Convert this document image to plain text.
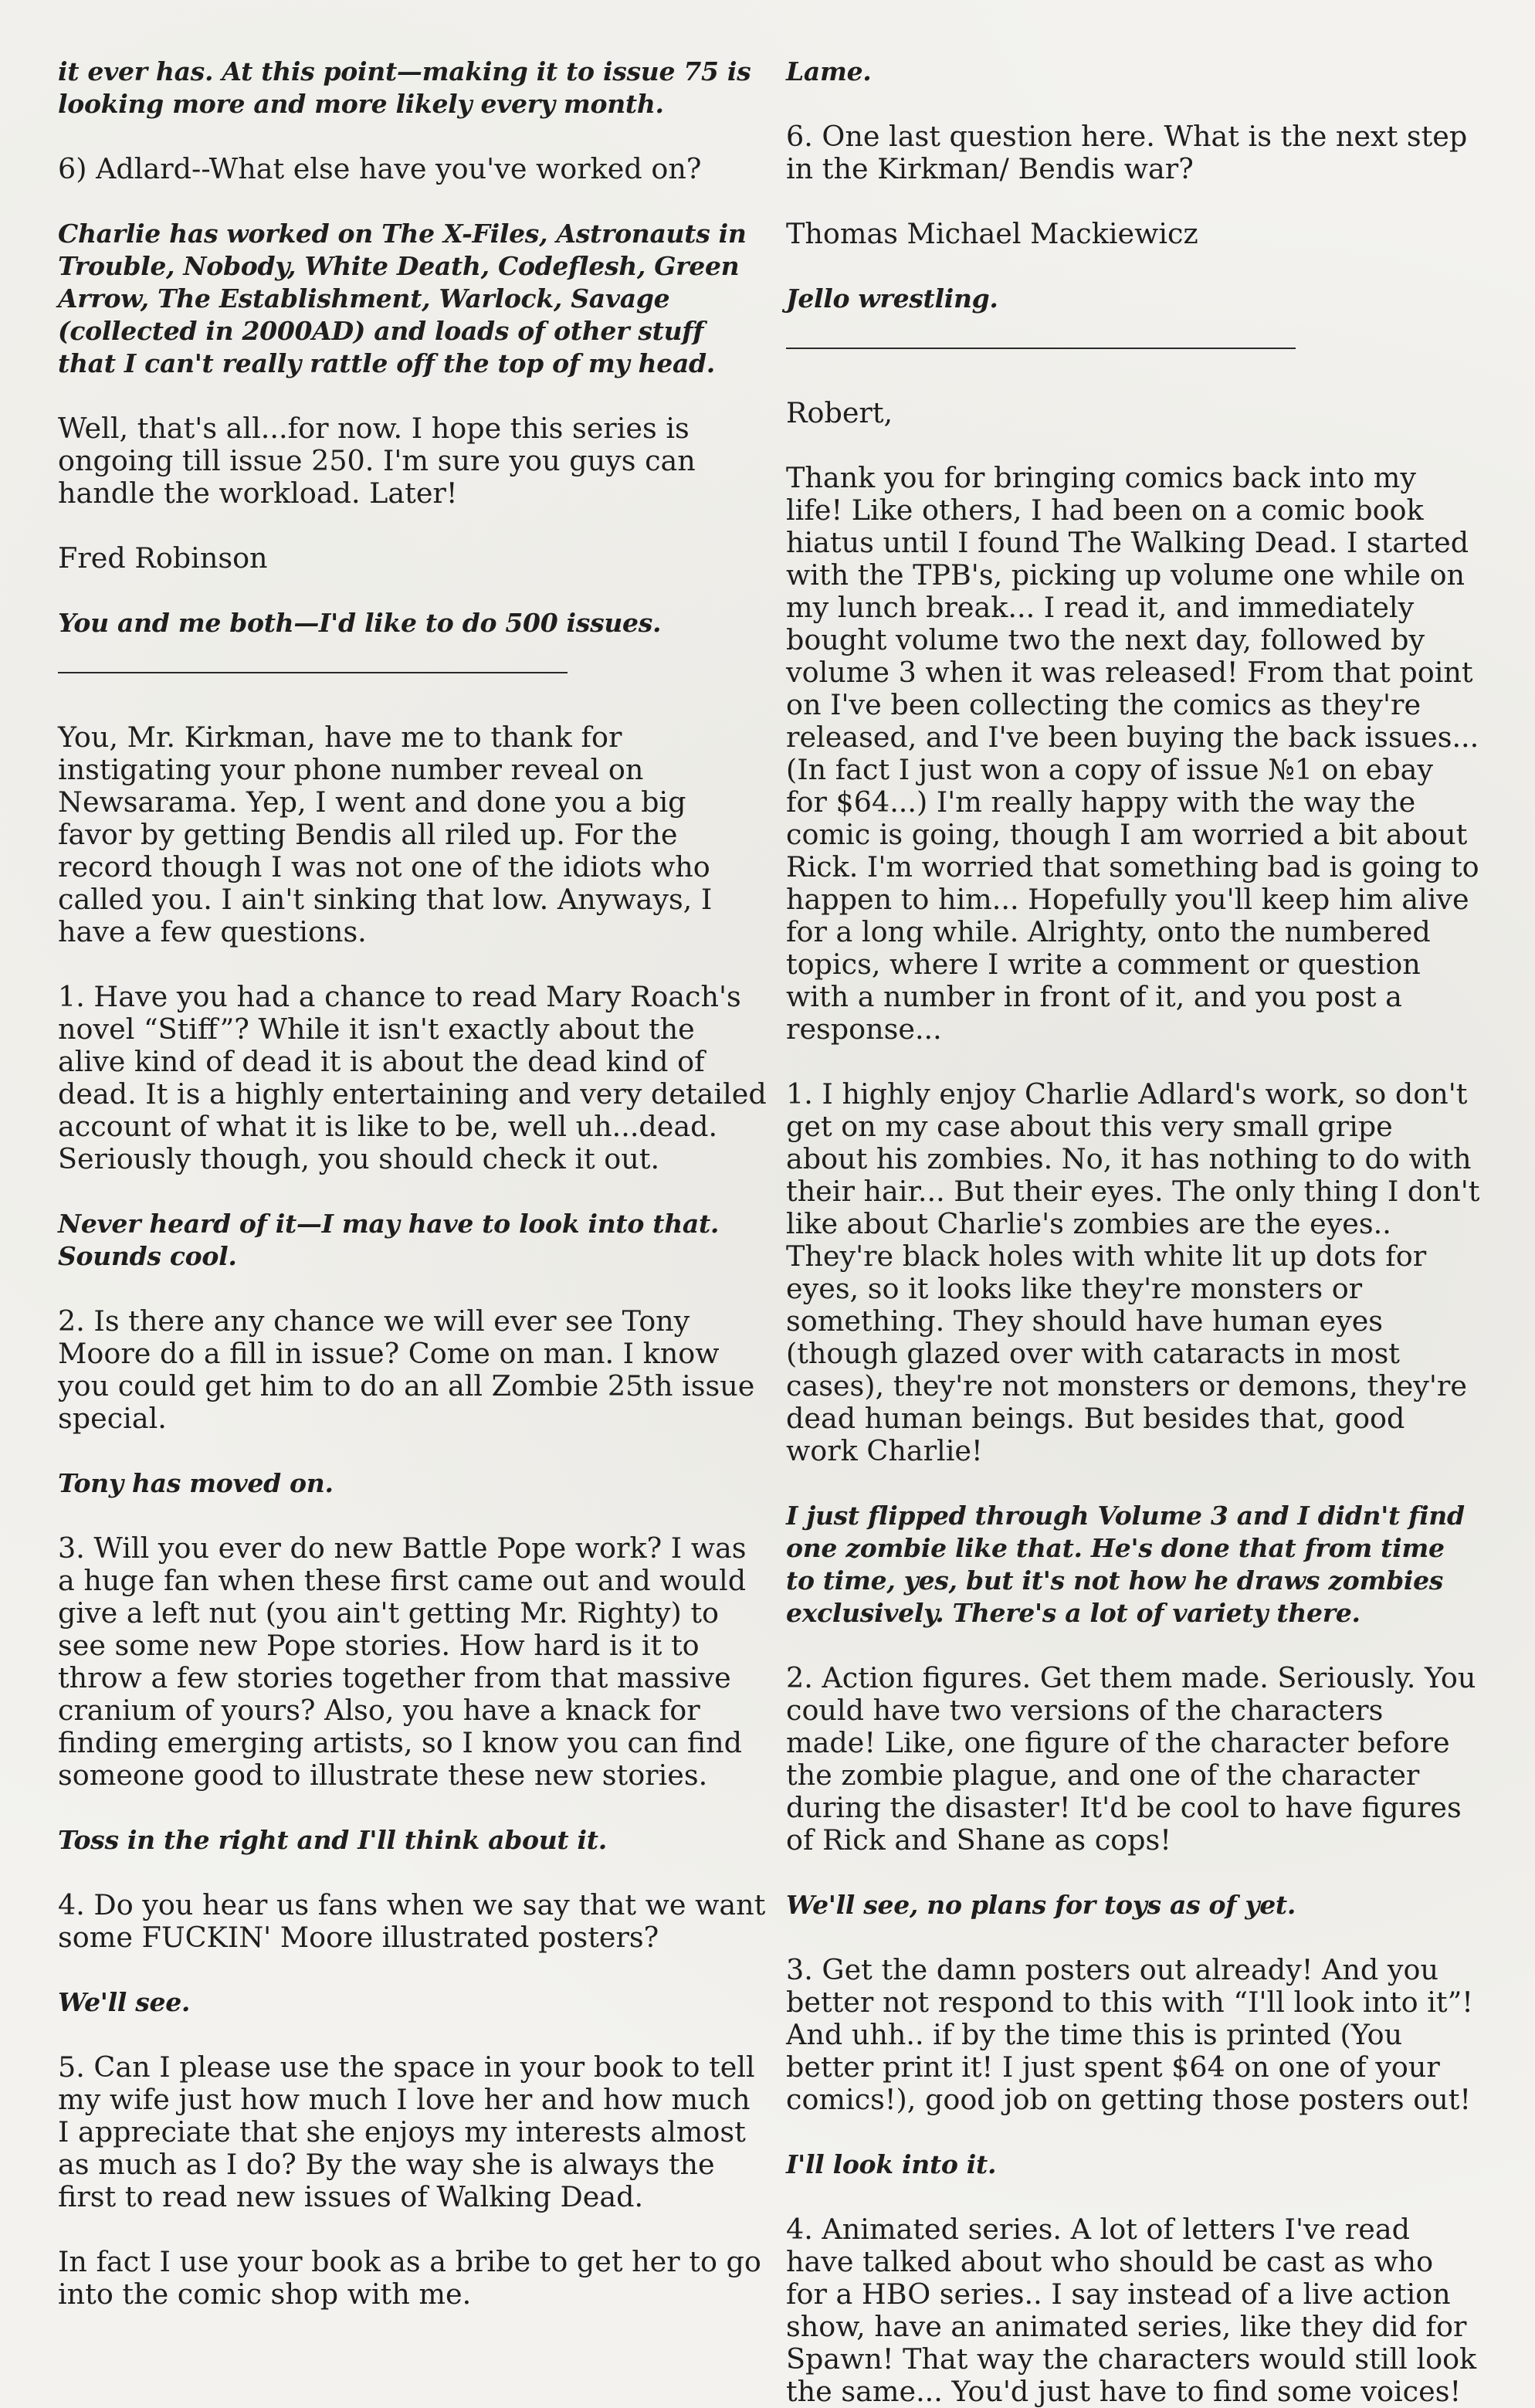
it ever has. At this point—making it to issue 75 is looking more and more likely every month.

6) Adlard--What else have you've worked on?

Charlie has worked on The X-Files, Astronauts in Trouble, Nobody, White Death, Codeflesh, Green Arrow, The Establishment, Warlock, Savage (collected in 2000AD) and loads of other stuff that I can't really rattle off the top of my head.

Well, that's all...for now. I hope this series is ongoing till issue 250. I'm sure you guys can handle the workload. Later!

Fred Robinson

You and me both—I'd like to do 500 issues.

You, Mr. Kirkman, have me to thank for instigating your phone number reveal on Newsarama. Yep, I went and done you a big favor by getting Bendis all riled up. For the record though I was not one of the idiots who called you. I ain't sinking that low. Anyways, I have a few questions.

1. Have you had a chance to read Mary Roach's novel “Stiff”? While it isn't exactly about the alive kind of dead it is about the dead kind of dead. It is a highly entertaining and very detailed account of what it is like to be, well uh...dead. Seriously though, you should check it out.

Never heard of it—I may have to look into that. Sounds cool.

2. Is there any chance we will ever see Tony Moore do a fill in issue? Come on man. I know you could get him to do an all Zombie 25th issue special.

Tony has moved on.

3. Will you ever do new Battle Pope work? I was a huge fan when these first came out and would give a left nut (you ain't getting Mr. Righty) to see some new Pope stories. How hard is it to throw a few stories together from that massive cranium of yours? Also, you have a knack for finding emerging artists, so I know you can find someone good to illustrate these new stories.

Toss in the right and I'll think about it.

4. Do you hear us fans when we say that we want some FUCKIN' Moore illustrated posters?

We'll see.

5. Can I please use the space in your book to tell my wife just how much I love her and how much I appreciate that she enjoys my interests almost as much as I do? By the way she is always the first to read new issues of Walking Dead.

In fact I use your book as a bribe to get her to go into the comic shop with me.

Lame.

6. One last question here. What is the next step in the Kirkman/ Bendis war?

Thomas Michael Mackiewicz

Jello wrestling.

Robert,

Thank you for bringing comics back into my life! Like others, I had been on a comic book hiatus until I found The Walking Dead. I started with the TPB's, picking up volume one while on my lunch break... I read it, and immediately bought volume two the next day, followed by volume 3 when it was released! From that point on I've been collecting the comics as they're released, and I've been buying the back issues... (In fact I just won a copy of issue №1 on ebay for $64...) I'm really happy with the way the comic is going, though I am worried a bit about Rick. I'm worried that something bad is going to happen to him... Hopefully you'll keep him alive for a long while. Alrighty, onto the numbered topics, where I write a comment or question with a number in front of it, and you post a response...

1. I highly enjoy Charlie Adlard's work, so don't get on my case about this very small gripe about his zombies. No, it has nothing to do with their hair... But their eyes. The only thing I don't like about Charlie's zombies are the eyes.. They're black holes with white lit up dots for eyes, so it looks like they're monsters or something. They should have human eyes (though glazed over with cataracts in most cases), they're not monsters or demons, they're dead human beings. But besides that, good work Charlie!

I just flipped through Volume 3 and I didn't find one zombie like that. He's done that from time to time, yes, but it's not how he draws zombies exclusively. There's a lot of variety there.

2. Action figures. Get them made. Seriously. You could have two versions of the characters made! Like, one figure of the character before the zombie plague, and one of the character during the disaster! It'd be cool to have figures of Rick and Shane as cops!

We'll see, no plans for toys as of yet.

3. Get the damn posters out already! And you better not respond to this with “I'll look into it”! And uhh.. if by the time this is printed (You better print it! I just spent $64 on one of your comics!), good job on getting those posters out!

I'll look into it.

4. Animated series. A lot of letters I've read have talked about who should be cast as who for a HBO series.. I say instead of a live action show, have an animated series, like they did for Spawn! That way the characters would still look the same... You'd just have to find some voices!
